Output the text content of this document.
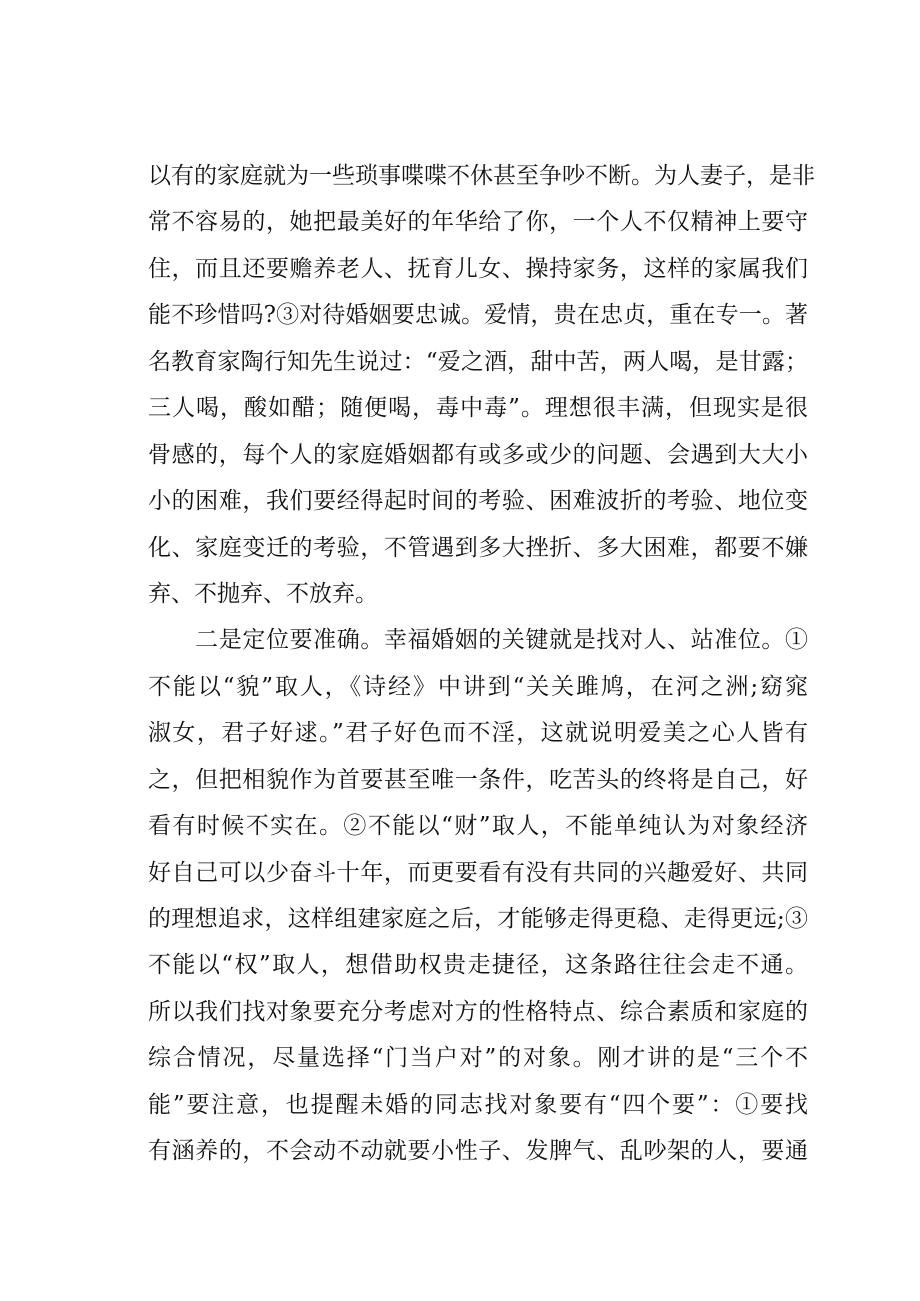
以有的家庭就为一些琐事喋喋不休甚至争吵不断。为人妻子，是非
常不容易的，她把最美好的年华给了你，一个人不仅精神上要守
住，而且还要赡养老人、抚育儿女、操持家务，这样的家属我们
能不珍惜吗?③对待婚姻要忠诚。爱情，贵在忠贞，重在专一。著
名教育家陶行知先生说过：“爱之酒，甜中苦，两人喝，是甘露；
三人喝，酸如醋；随便喝，毒中毒”。理想很丰满，但现实是很
骨感的，每个人的家庭婚姻都有或多或少的问题、会遇到大大小
小的困难，我们要经得起时间的考验、困难波折的考验、地位变
化、家庭变迁的考验，不管遇到多大挫折、多大困难，都要不嫌
弃、不抛弃、不放弃。
　　二是定位要准确。幸福婚姻的关键就是找对人、站准位。①
不能以“貌”取人，《诗经》中讲到“关关雎鸠，在河之洲;窈窕
淑女，君子好逑。”君子好色而不淫，这就说明爱美之心人皆有
之，但把相貌作为首要甚至唯一条件，吃苦头的终将是自己，好
看有时候不实在。②不能以“财”取人，不能单纯认为对象经济
好自己可以少奋斗十年，而更要看有没有共同的兴趣爱好、共同
的理想追求，这样组建家庭之后，才能够走得更稳、走得更远;③
不能以“权”取人，想借助权贵走捷径，这条路往往会走不通。
所以我们找对象要充分考虑对方的性格特点、综合素质和家庭的
综合情况，尽量选择“门当户对”的对象。刚才讲的是“三个不
能”要注意，也提醒未婚的同志找对象要有“四个要”：①要找
有涵养的，不会动不动就要小性子、发脾气、乱吵架的人，要通
